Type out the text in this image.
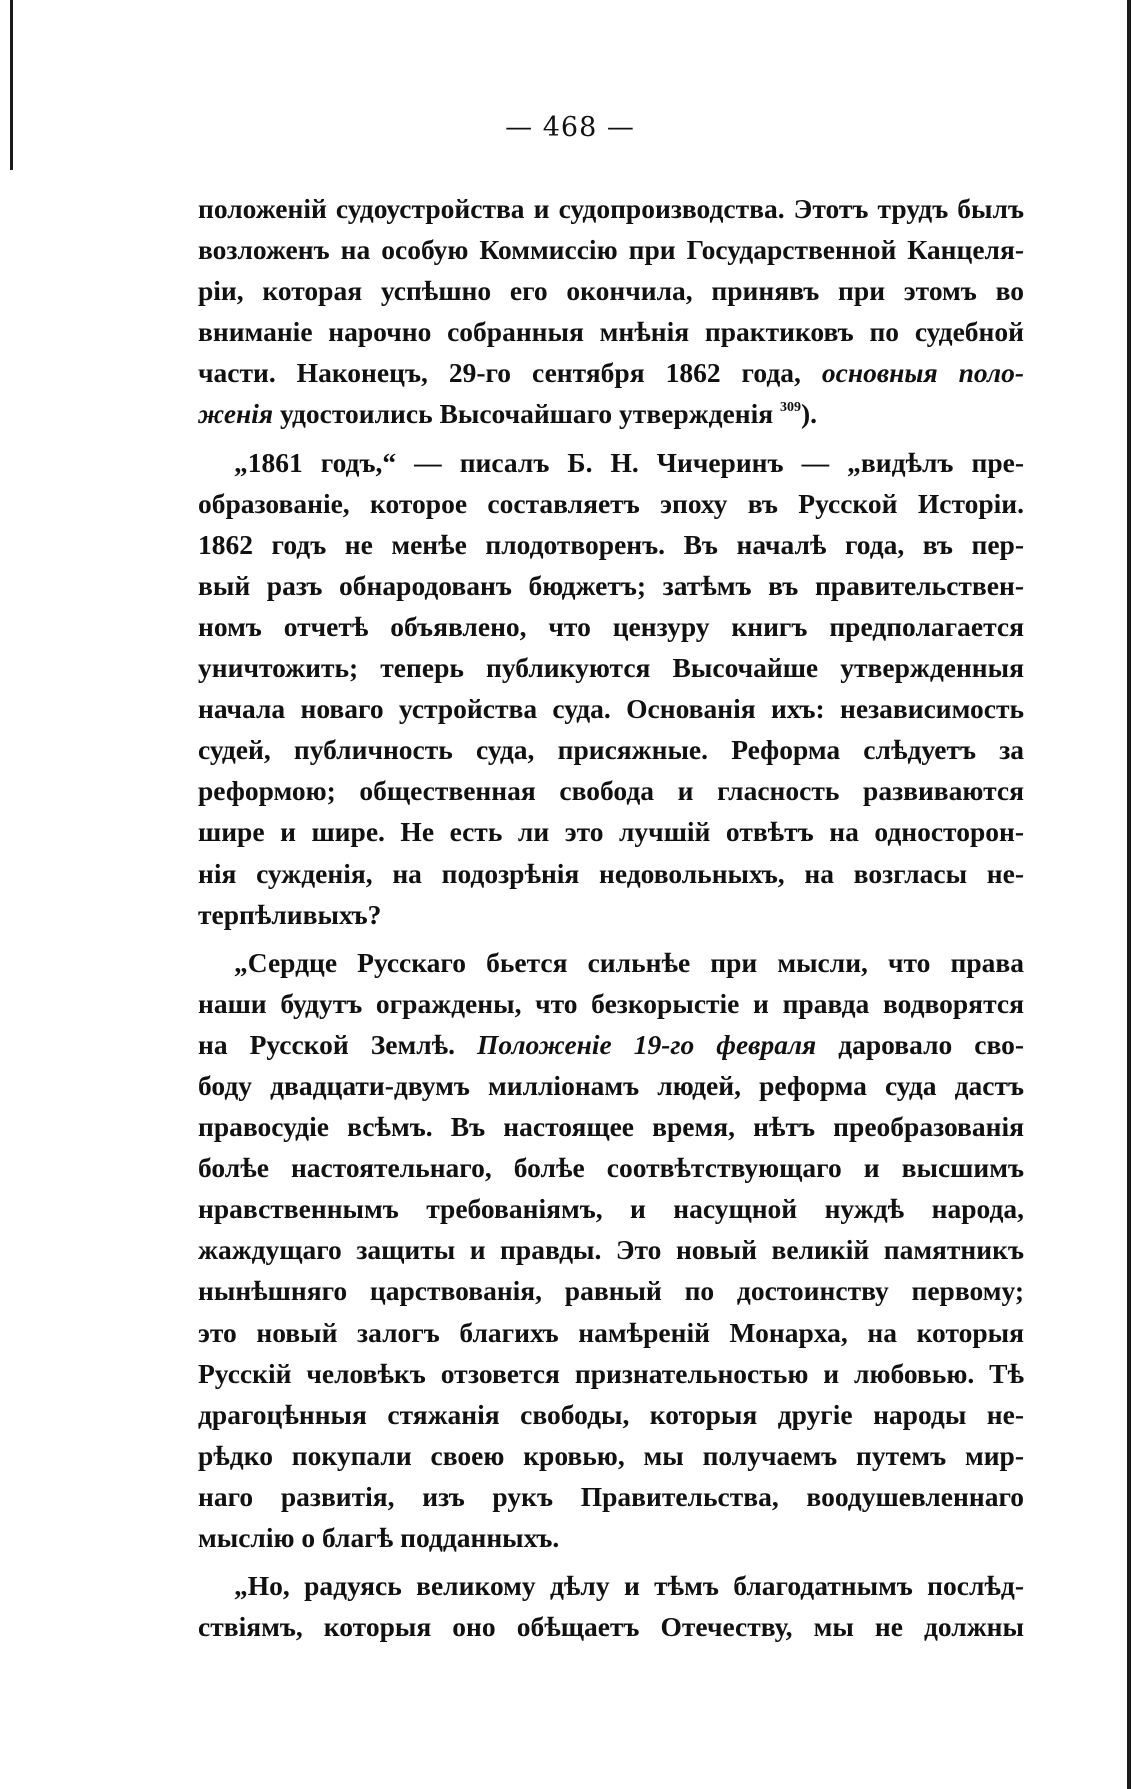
— 468 —
положеній судоустройства и судопроизводства. Этотъ трудъ былъ
возложенъ на особую Коммиссію при Государственной Канцеля-
ріи, которая успѣшно его окончила, принявъ при этомъ во
вниманіе нарочно собранныя мнѣнія практиковъ по судебной
части. Наконецъ, 29-го сентября 1862 года, основныя поло-
женія удостоились Высочайшаго утвержденія $^{309}$).
„1861 годъ,“ — писалъ Б. Н. Чичеринъ — „видѣлъ пре-
образованіе, которое составляетъ эпоху въ Русской Исторіи.
1862 годъ не менѣе плодотворенъ. Въ началѣ года, въ пер-
вый разъ обнародованъ бюджетъ; затѣмъ въ правительствен-
номъ отчетѣ объявлено, что цензуру книгъ предполагается
уничтожить; теперь публикуются Высочайше утвержденныя
начала новаго устройства суда. Основанія ихъ: независимость
судей, публичность суда, присяжные. Реформа слѣдуетъ за
реформою; общественная свобода и гласность развиваются
шире и шире. Не есть ли это лучшій отвѣтъ на односторон-
нія сужденія, на подозрѣнія недовольныхъ, на возгласы не-
терпѣливыхъ?
„Сердце Русскаго бьется сильнѣе при мысли, что права
наши будутъ ограждены, что безкорыстіе и правда водворятся
на Русской Землѣ. Положеніе 19-го февраля даровало сво-
боду двадцати-двумъ милліонамъ людей, реформа суда дастъ
правосудіе всѣмъ. Въ настоящее время, нѣтъ преобразованія
болѣе настоятельнаго, болѣе соотвѣтствующаго и высшимъ
нравственнымъ требованіямъ, и насущной нуждѣ народа,
жаждущаго защиты и правды. Это новый великій памятникъ
нынѣшняго царствованія, равный по достоинству первому;
это новый залогъ благихъ намѣреній Монарха, на которыя
Русскій человѣкъ отзовется признательностью и любовью. Тѣ
драгоцѣнныя стяжанія свободы, которыя другіе народы не-
рѣдко покупали своею кровью, мы получаемъ путемъ мир-
наго развитія, изъ рукъ Правительства, воодушевленнаго
мыслію о благѣ подданныхъ.
„Но, радуясь великому дѣлу и тѣмъ благодатнымъ послѣд-
ствіямъ, которыя оно обѣщаетъ Отечеству, мы не должны
